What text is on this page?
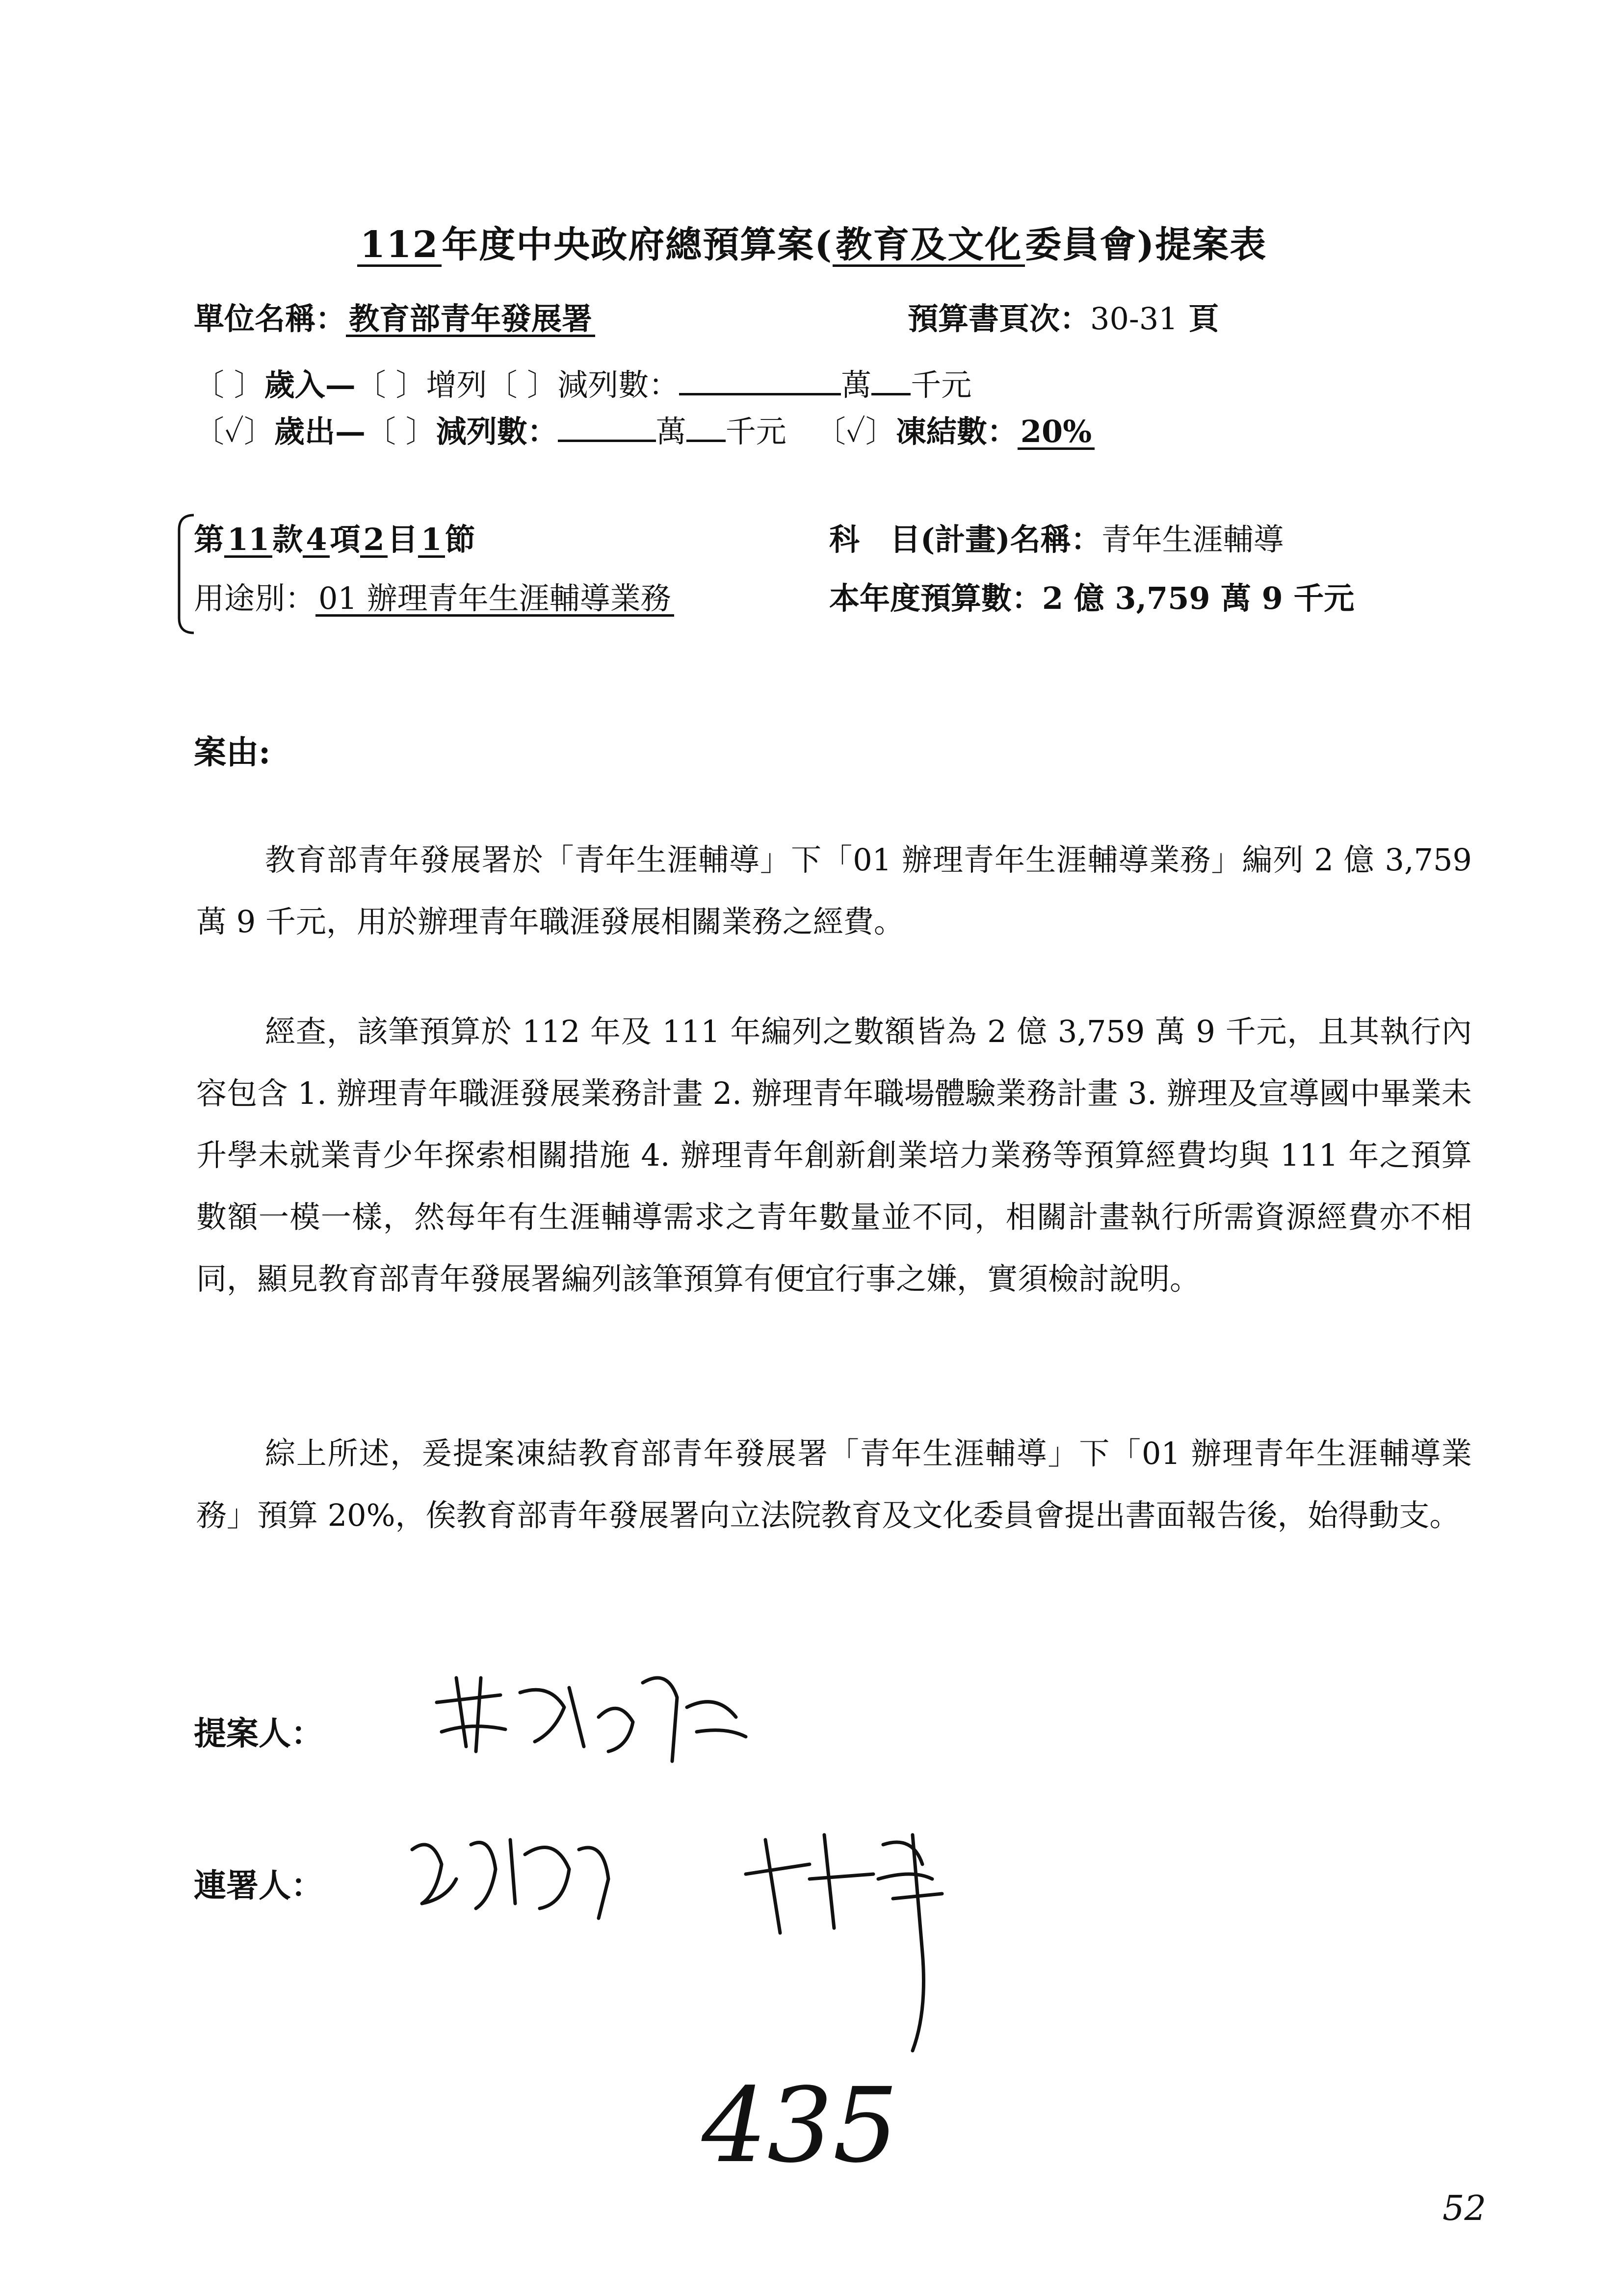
112年度中央政府總預算案(教育及文化委員會)提案表
單位名稱：教育部青年發展署	預算書頁次：30-31 頁
〔 〕歲入—〔 〕增列〔 〕減列數：	萬 千元
〔✓〕歲出—〔 〕減列數：	萬 千元 〔✓〕凍結數：20%
第11款4項2目1節	科　目(計畫)名稱：青年生涯輔導
用途別：01 辦理青年生涯輔導業務	本年度預算數：2 億 3,759 萬 9 千元
案由:
教育部青年發展署於「青年生涯輔導」下「01 辦理青年生涯輔導業務」編列 2 億 3,759 萬 9 千元，用於辦理青年職涯發展相關業務之經費。
經查，該筆預算於 112 年及 111 年編列之數額皆為 2 億 3,759 萬 9 千元，且其執行內容包含 1. 辦理青年職涯發展業務計畫 2. 辦理青年職場體驗業務計畫 3. 辦理及宣導國中畢業未升學未就業青少年探索相關措施 4. 辦理青年創新創業培力業務等預算經費均與 111 年之預算數額一模一樣，然每年有生涯輔導需求之青年數量並不同，相關計畫執行所需資源經費亦不相同，顯見教育部青年發展署編列該筆預算有便宜行事之嫌，實須檢討說明。
綜上所述，爰提案凍結教育部青年發展署「青年生涯輔導」下「01 辦理青年生涯輔導業務」預算 20%，俟教育部青年發展署向立法院教育及文化委員會提出書面報告後，始得動支。
提案人：
連署人：
435
52
